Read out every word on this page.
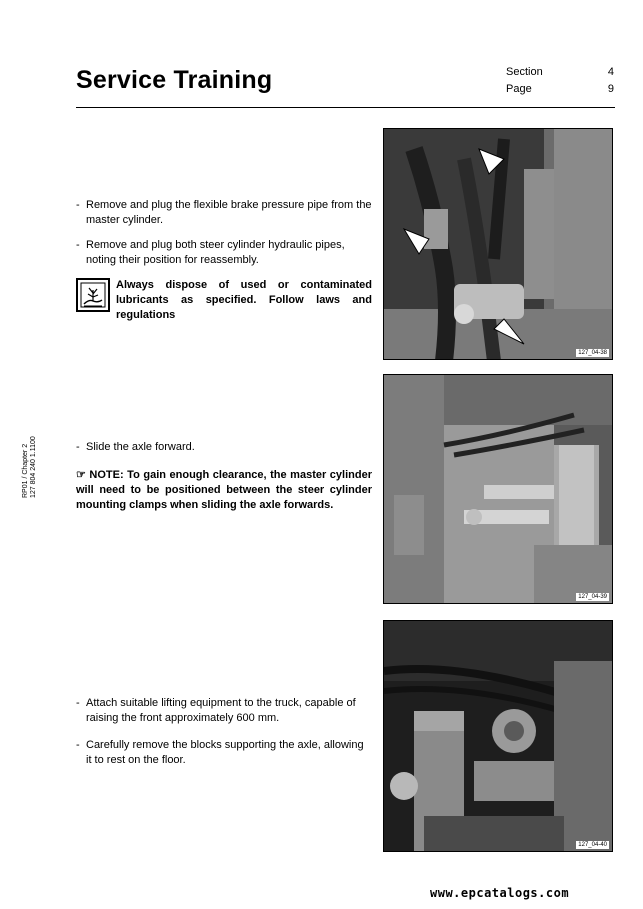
Service Training	Section	4
Page	9
RP01 / Chapter 2 127 804 240 1.1100
- Remove and plug the flexible brake pressure pipe from the master cylinder.
- Remove and plug both steer cylinder hydraulic pipes, noting their position for reassembly.
Always dispose of used or contaminated lubricants as specified. Follow laws and regulations
127_04-38
- Slide the axle forward.
☞ NOTE: To gain enough clearance, the master cylinder will need to be positioned between the steer cylinder mounting clamps when sliding the axle forwards.
127_04-39
- Attach suitable lifting equipment to the truck, capable of raising the front approximately 600 mm.
- Carefully remove the blocks supporting the axle, allowing it to rest on the floor.
127_04-40
www.epcatalogs.com
